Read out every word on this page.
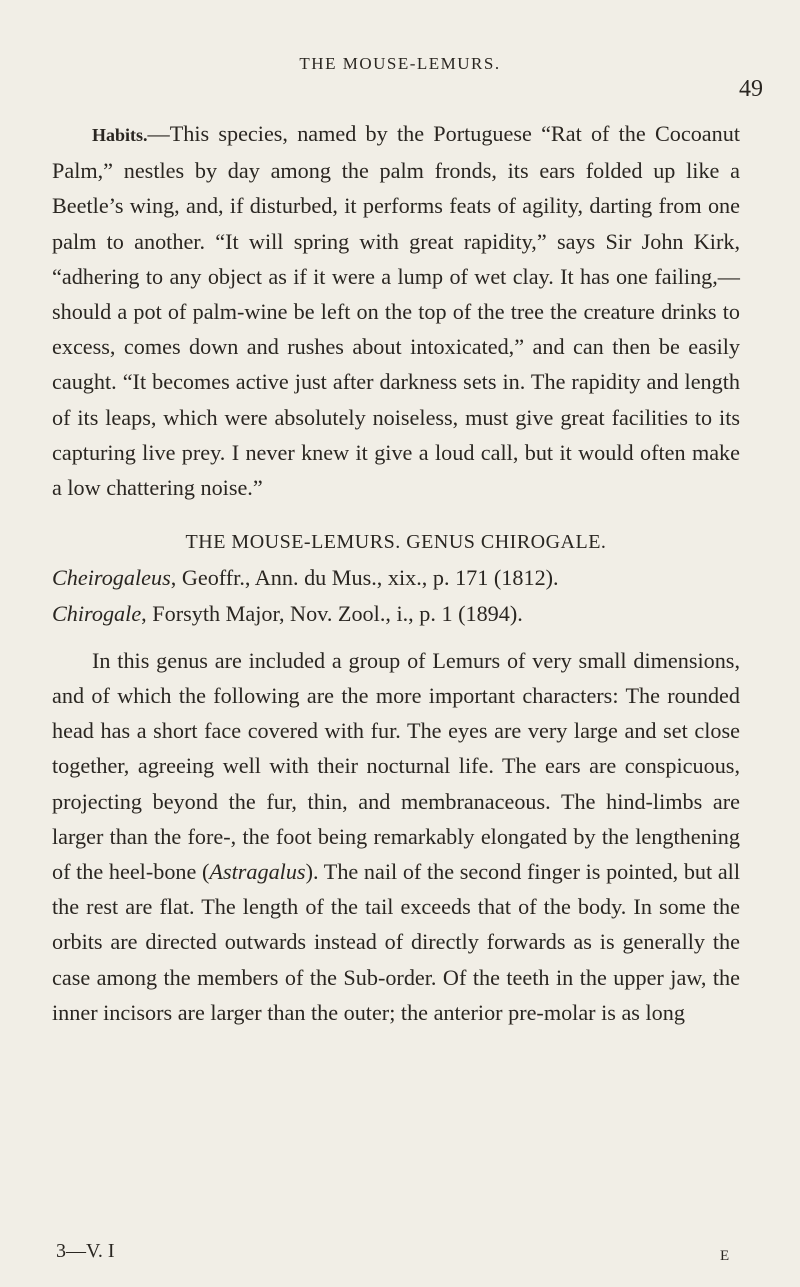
THE MOUSE-LEMURS.
49

Habits.—This species, named by the Portuguese “Rat of the Cocoanut Palm,” nestles by day among the palm fronds, its ears folded up like a Beetle’s wing, and, if disturbed, it performs feats of agility, darting from one palm to another. “It will spring with great rapidity,” says Sir John Kirk, “adhering to any object as if it were a lump of wet clay. It has one failing,—should a pot of palm-wine be left on the top of the tree the creature drinks to excess, comes down and rushes about intoxicated,” and can then be easily caught. “It becomes active just after darkness sets in. The rapidity and length of its leaps, which were absolutely noiseless, must give great facilities to its capturing live prey. I never knew it give a loud call, but it would often make a low chattering noise.”

THE MOUSE-LEMURS. GENUS CHIROGALE.

Cheirogaleus, Geoffr., Ann. du Mus., xix., p. 171 (1812).

Chirogale, Forsyth Major, Nov. Zool., i., p. 1 (1894).

In this genus are included a group of Lemurs of very small dimensions, and of which the following are the more important characters: The rounded head has a short face covered with fur. The eyes are very large and set close together, agreeing well with their nocturnal life. The ears are conspicuous, projecting beyond the fur, thin, and membranaceous. The hind-limbs are larger than the fore-, the foot being remarkably elongated by the lengthening of the heel-bone (Astragalus). The nail of the second finger is pointed, but all the rest are flat. The length of the tail exceeds that of the body. In some the orbits are directed outwards instead of directly forwards as is generally the case among the members of the Sub-order. Of the teeth in the upper jaw, the inner incisors are larger than the outer; the anterior pre-molar is as long

3—V. I	E
